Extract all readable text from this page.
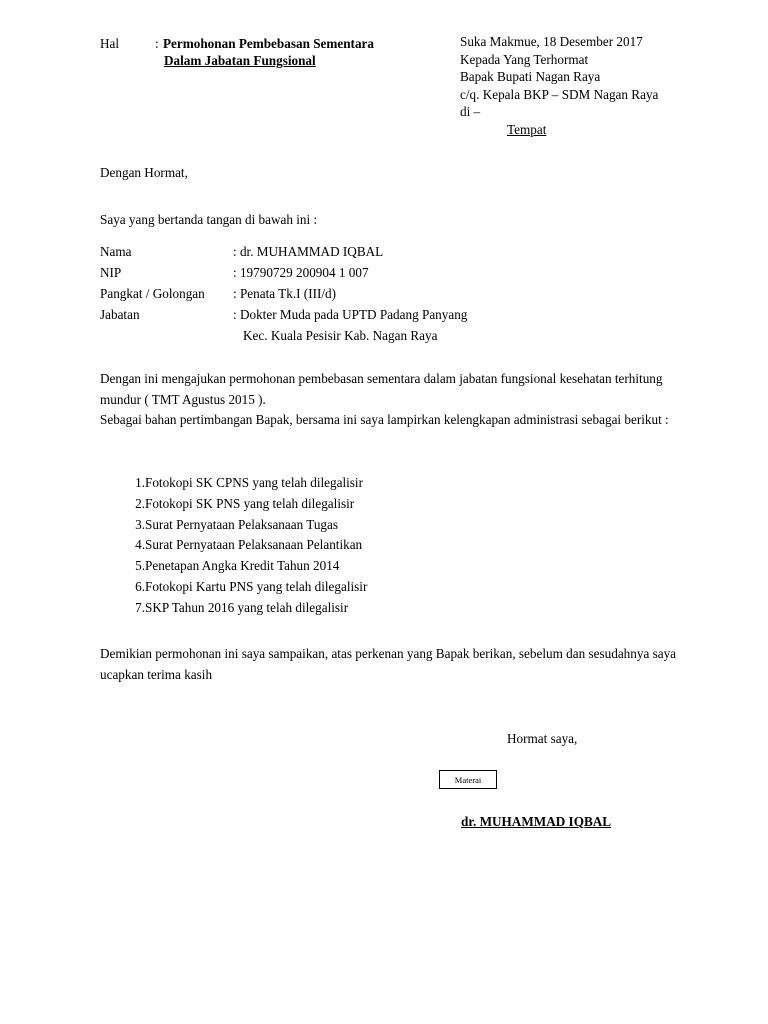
Hal	: Permohonan Pembebasan Sementara
Dalam Jabatan Fungsional
Suka Makmue, 18 Desember 2017
Kepada Yang Terhormat
Bapak Bupati Nagan Raya
c/q. Kepala BKP – SDM Nagan Raya
di –
Tempat
Dengan Hormat,
Saya yang bertanda tangan di bawah ini :
Nama	: dr. MUHAMMAD IQBAL
NIP	: 19790729 200904 1 007
Pangkat / Golongan	: Penata Tk.I (III/d)
Jabatan	: Dokter Muda pada UPTD Padang Panyang
Kec. Kuala Pesisir Kab. Nagan Raya

Dengan ini mengajukan permohonan pembebasan sementara dalam jabatan fungsional kesehatan terhitung mundur ( TMT Agustus 2015 ).

Sebagai bahan pertimbangan Bapak, bersama ini saya lampirkan kelengkapan administrasi sebagai berikut :

1. Fotokopi SK CPNS yang telah dilegalisir
2. Fotokopi SK PNS yang telah dilegalisir
3. Surat Pernyataan Pelaksanaan Tugas
4. Surat Pernyataan Pelaksanaan Pelantikan
5. Penetapan Angka Kredit Tahun 2014
6. Fotokopi Kartu PNS yang telah dilegalisir
7. SKP Tahun 2016 yang telah dilegalisir
Demikian permohonan ini saya sampaikan, atas perkenan yang Bapak berikan, sebelum dan sesudahnya saya ucapkan terima kasih
Hormat saya,
Materai
dr. MUHAMMAD IQBAL
